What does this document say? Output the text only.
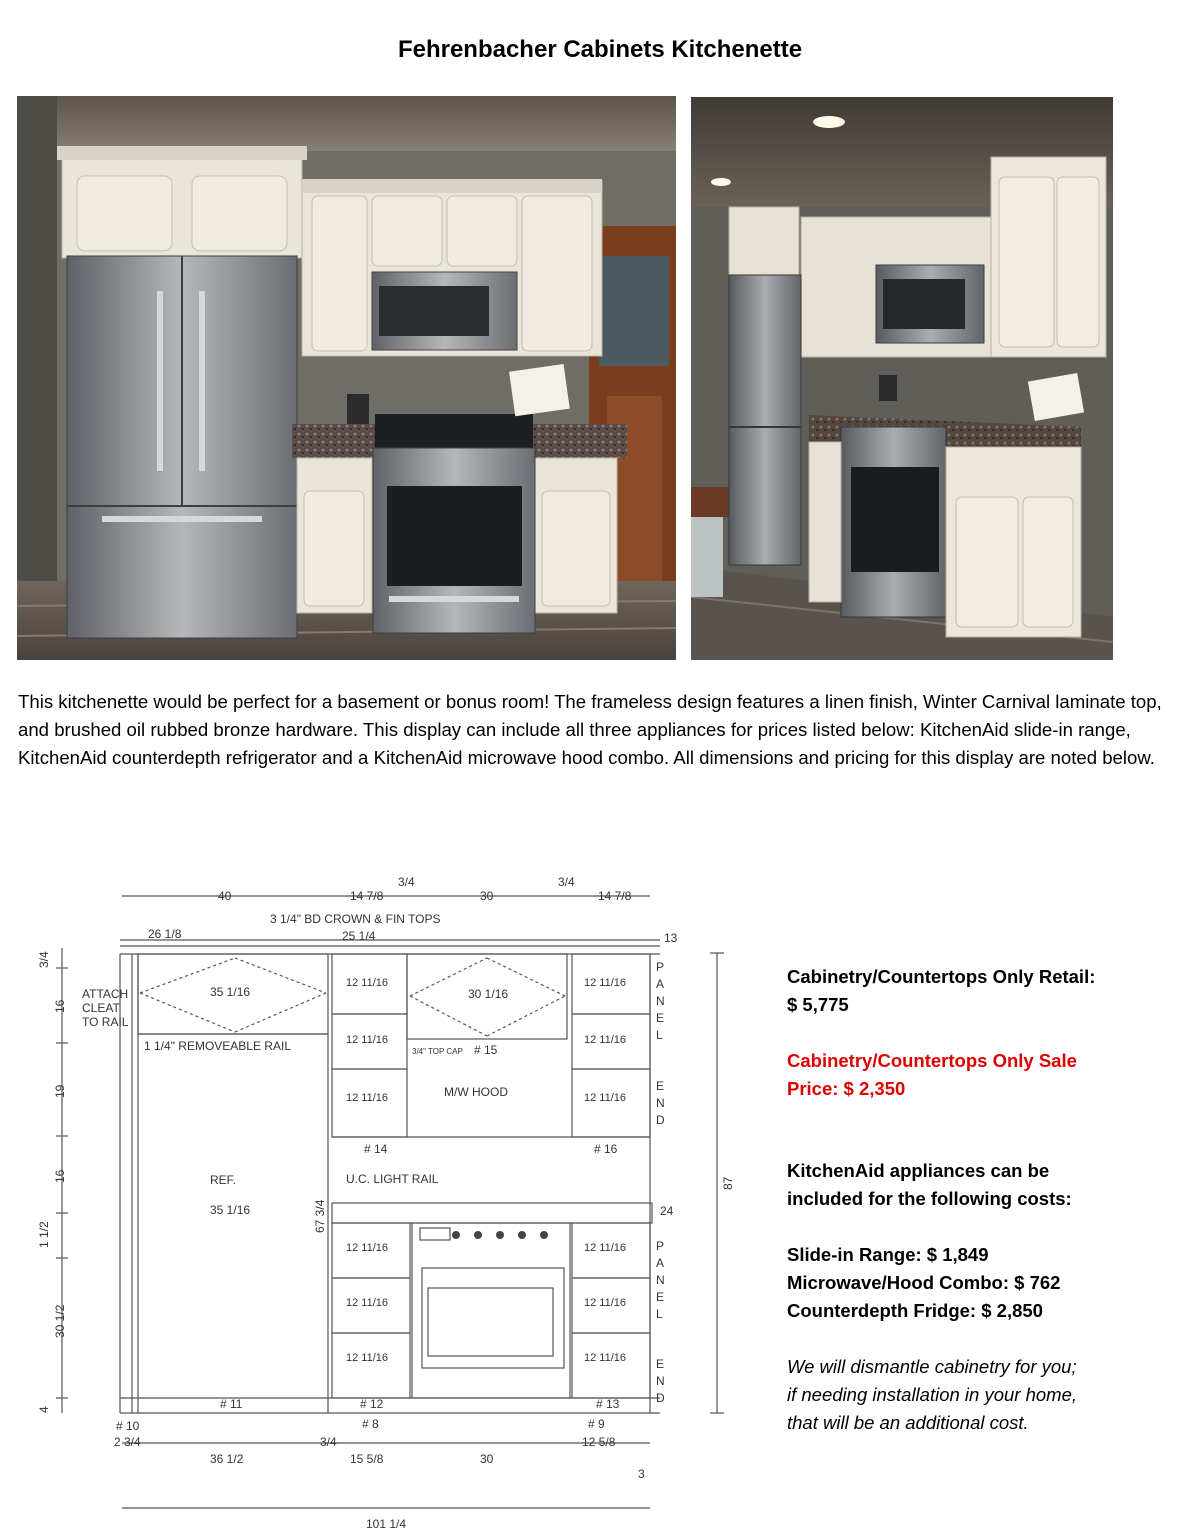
Fehrenbacher Cabinets Kitchenette
This kitchenette would be perfect for a basement or bonus room! The frameless design features a linen finish, Winter Carnival laminate top, and brushed oil rubbed bronze hardware. This display can include all three appliances for prices listed below: KitchenAid slide-in range, KitchenAid counterdepth refrigerator and a KitchenAid microwave hood combo. All dimensions and pricing for this display are noted below.
40	14 7/8
3/4
30
3/4
14 7/8
3 1/4" BD CROWN & FIN TOPS
26 1/8	25 1/4	13
ATTACH
CLEAT
TO RAIL
1 1/4" REMOVEABLE RAIL
35 1/16	30 1/16
12 11/16
12 11/16
12 11/16
12 11/16
12 11/16
12 11/16
3/4" TOP CAP # 15
M/W HOOD
# 14	# 16
U.C. LIGHT RAIL
REF.
35 1/16	67 3/4	24
87
12 11/16
12 11/16
12 11/16
12 11/16
12 11/16
12 11/16
P
A
N
E
L
E
N
D
P
A
N
E
L
E
N
D
# 11	# 12	# 13
# 10	# 8	# 9
2 3/4	3/4	12 5/8
36 1/2	15 5/8	30
3
101 1/4
3/4
16
19
16
1 1/2
30 1/2
4
Cabinetry/Countertops Only Retail:
$ 5,775
Cabinetry/Countertops Only Sale
Price: $ 2,350
KitchenAid appliances can be
included for the following costs:
Slide-in Range: $ 1,849
Microwave/Hood Combo: $ 762
Counterdepth Fridge: $ 2,850
We will dismantle cabinetry for you;
if needing installation in your home,
that will be an additional cost.
